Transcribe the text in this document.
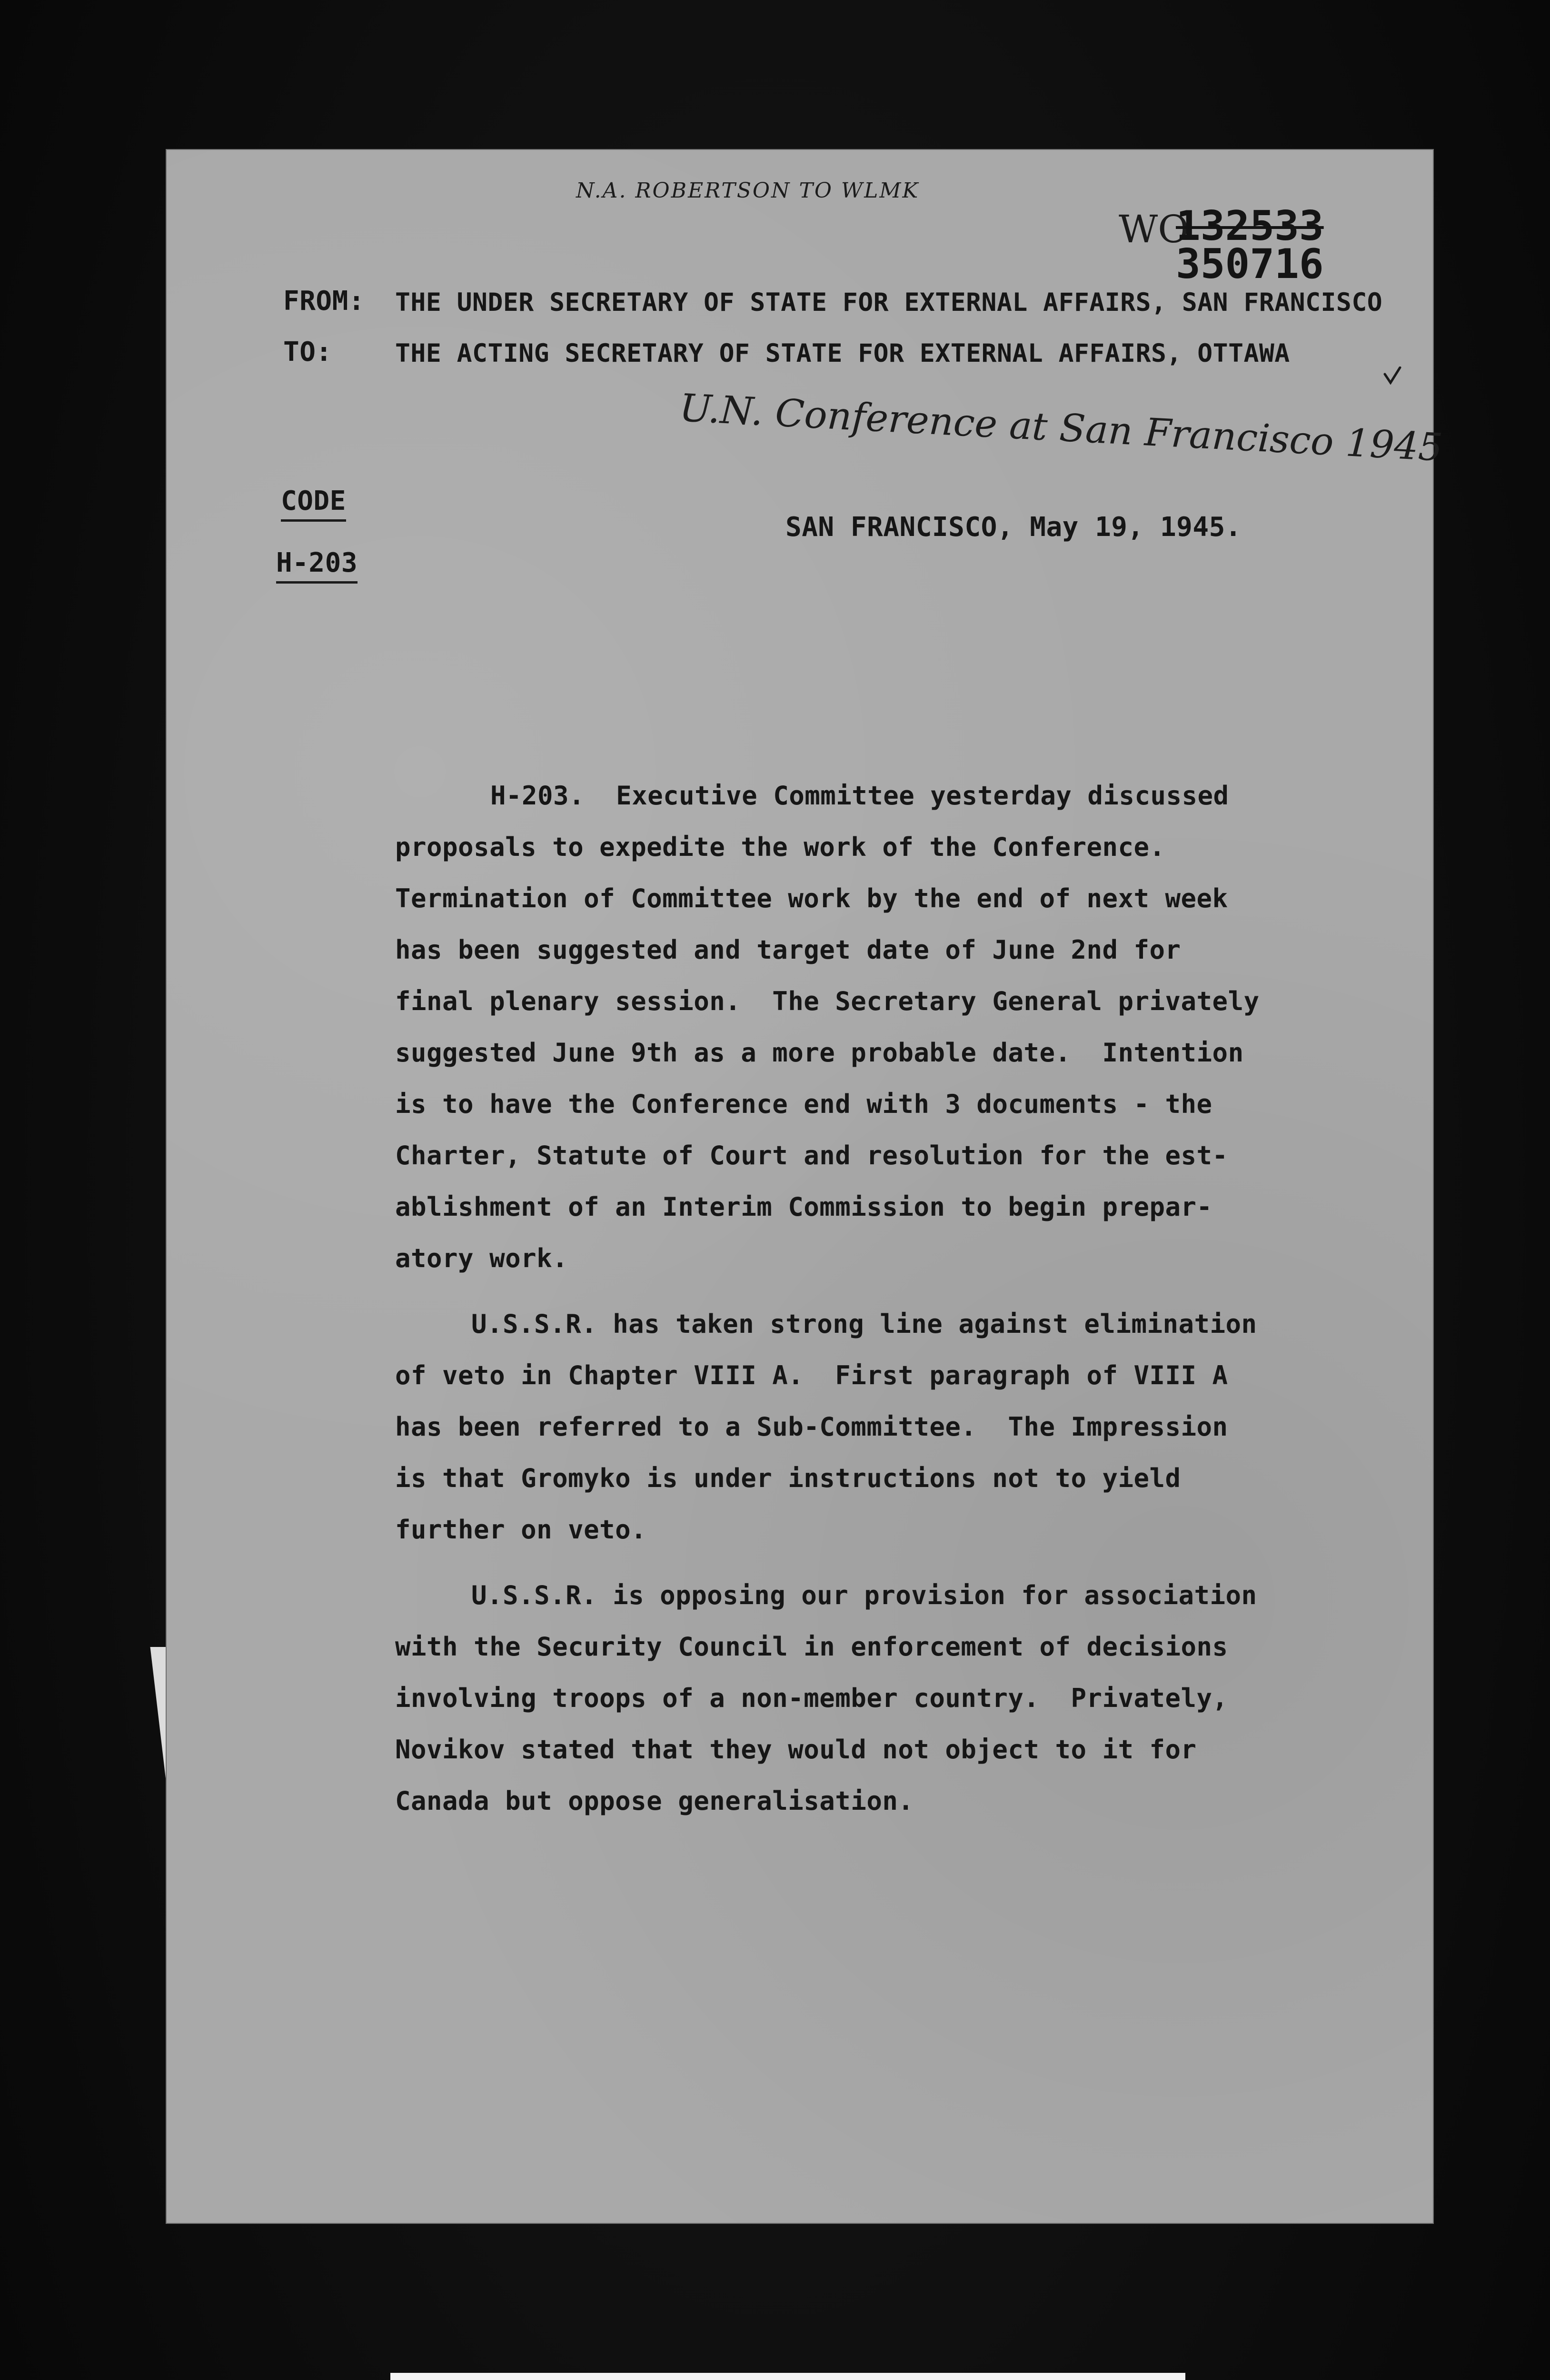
N.A. ROBERTSON TO WLMK
WO
FROM: THE UNDER SECRETARY OF STATE FOR EXTERNAL AFFAIRS, SAN FRANCISCO
TO: THE ACTING SECRETARY OF STATE FOR EXTERNAL AFFAIRS, OTTAWA
U.N. Conference at San Francisco 1945
CODE
H-203
SAN FRANCISCO, May 19, 1945.
H-203.  Executive Committee yesterday discussed
proposals to expedite the work of the Conference.
Termination of Committee work by the end of next week
has been suggested and target date of June 2nd for
final plenary session.  The Secretary General privately
suggested June 9th as a more probable date.  Intention
is to have the Conference end with 3 documents - the
Charter, Statute of Court and resolution for the est-
ablishment of an Interim Commission to begin prepar-
atory work.
U.S.S.R. has taken strong line against elimination
of veto in Chapter VIII A.  First paragraph of VIII A
has been referred to a Sub-Committee.  The Impression
is that Gromyko is under instructions not to yield
further on veto.
U.S.S.R. is opposing our provision for association
with the Security Council in enforcement of decisions
involving troops of a non-member country.  Privately,
Novikov stated that they would not object to it for
Canada but oppose generalisation.
132533
350716
